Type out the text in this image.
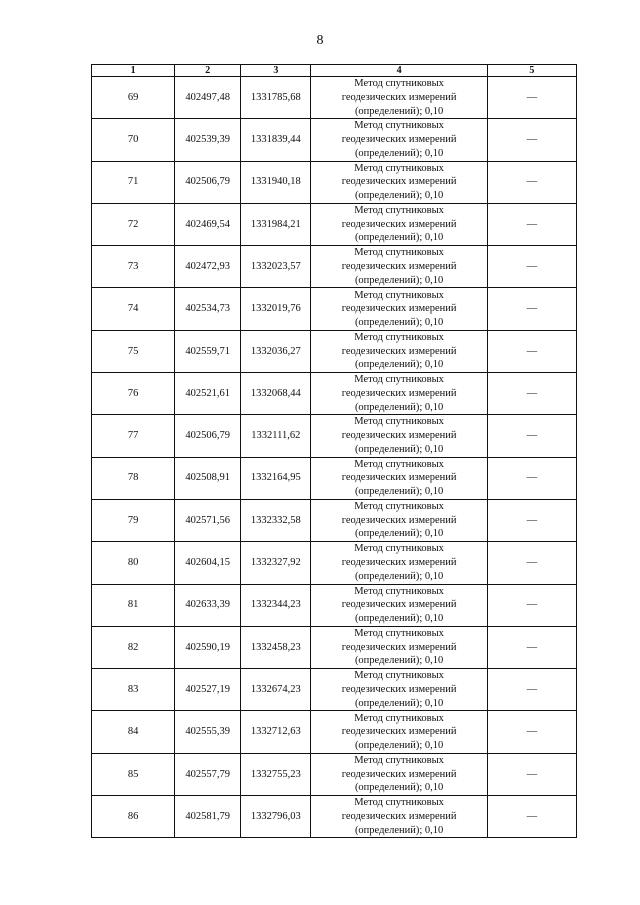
8
1	2	3	4	5
69	402497,48	1331785,68	Метод спутниковых
геодезических измерений
(определений); 0,10	—
70	402539,39	1331839,44	Метод спутниковых
геодезических измерений
(определений); 0,10	—
71	402506,79	1331940,18	Метод спутниковых
геодезических измерений
(определений); 0,10	—
72	402469,54	1331984,21	Метод спутниковых
геодезических измерений
(определений); 0,10	—
73	402472,93	1332023,57	Метод спутниковых
геодезических измерений
(определений); 0,10	—
74	402534,73	1332019,76	Метод спутниковых
геодезических измерений
(определений); 0,10	—
75	402559,71	1332036,27	Метод спутниковых
геодезических измерений
(определений); 0,10	—
76	402521,61	1332068,44	Метод спутниковых
геодезических измерений
(определений); 0,10	—
77	402506,79	1332111,62	Метод спутниковых
геодезических измерений
(определений); 0,10	—
78	402508,91	1332164,95	Метод спутниковых
геодезических измерений
(определений); 0,10	—
79	402571,56	1332332,58	Метод спутниковых
геодезических измерений
(определений); 0,10	—
80	402604,15	1332327,92	Метод спутниковых
геодезических измерений
(определений); 0,10	—
81	402633,39	1332344,23	Метод спутниковых
геодезических измерений
(определений); 0,10	—
82	402590,19	1332458,23	Метод спутниковых
геодезических измерений
(определений); 0,10	—
83	402527,19	1332674,23	Метод спутниковых
геодезических измерений
(определений); 0,10	—
84	402555,39	1332712,63	Метод спутниковых
геодезических измерений
(определений); 0,10	—
85	402557,79	1332755,23	Метод спутниковых
геодезических измерений
(определений); 0,10	—
86	402581,79	1332796,03	Метод спутниковых
геодезических измерений
(определений); 0,10	—
